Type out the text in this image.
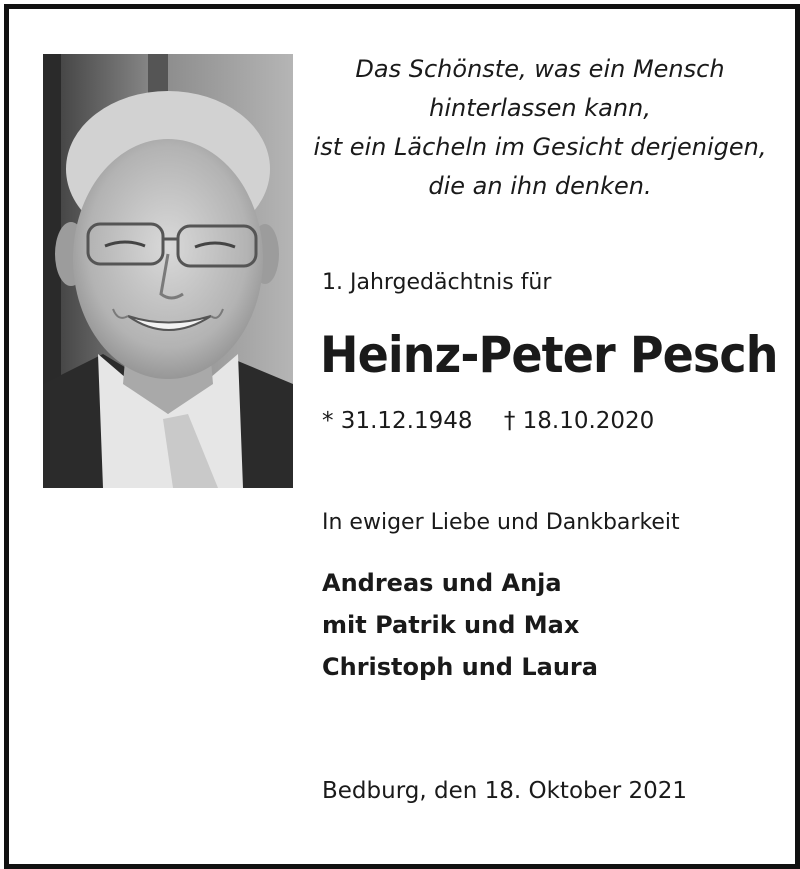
Das Schönste, was ein Mensch
hinterlassen kann,
ist ein Lächeln im Gesicht derjenigen,
die an ihn denken.
1. Jahrgedächtnis für
Heinz-Peter Pesch
* 31.12.1948 † 18.10.2020
In ewiger Liebe und Dankbarkeit
Andreas und Anja
mit Patrik und Max
Christoph und Laura
Bedburg, den 18. Oktober 2021
